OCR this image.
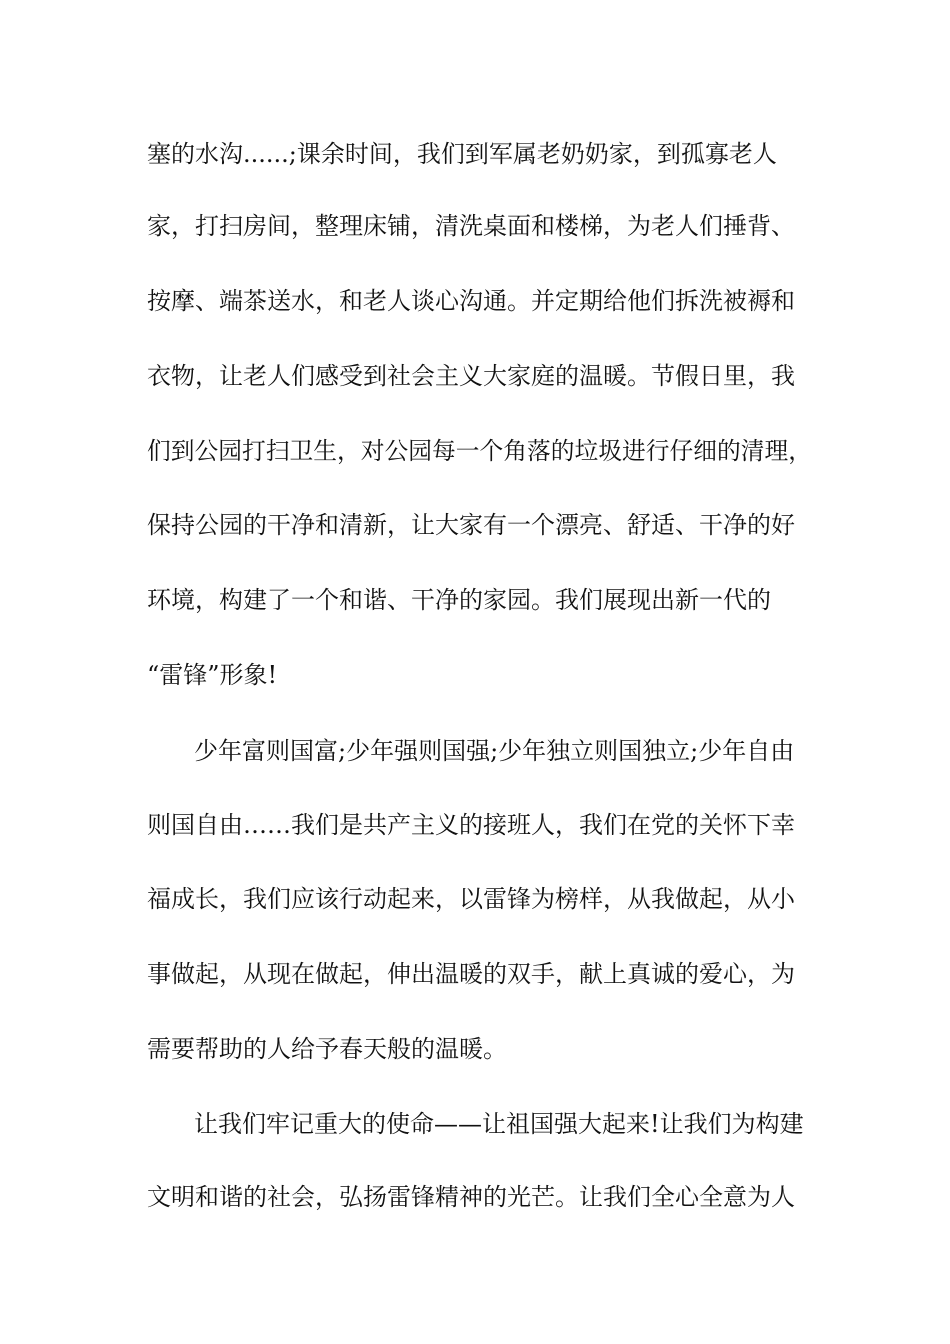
塞的水沟......;课余时间，我们到军属老奶奶家，到孤寡老人
家，打扫房间，整理床铺，清洗桌面和楼梯，为老人们捶背、
按摩、端茶送水，和老人谈心沟通。并定期给他们拆洗被褥和
衣物，让老人们感受到社会主义大家庭的温暖。节假日里，我
们到公园打扫卫生，对公园每一个角落的垃圾进行仔细的清理，
保持公园的干净和清新，让大家有一个漂亮、舒适、干净的好
环境，构建了一个和谐、干净的家园。我们展现出新一代的
“雷锋”形象!
少年富则国富;少年强则国强;少年独立则国独立;少年自由
则国自由……我们是共产主义的接班人，我们在党的关怀下幸
福成长，我们应该行动起来，以雷锋为榜样，从我做起，从小
事做起，从现在做起，伸出温暖的双手，献上真诚的爱心，为
需要帮助的人给予春天般的温暖。
让我们牢记重大的使命——让祖国强大起来!让我们为构建
文明和谐的社会，弘扬雷锋精神的光芒。让我们全心全意为人
